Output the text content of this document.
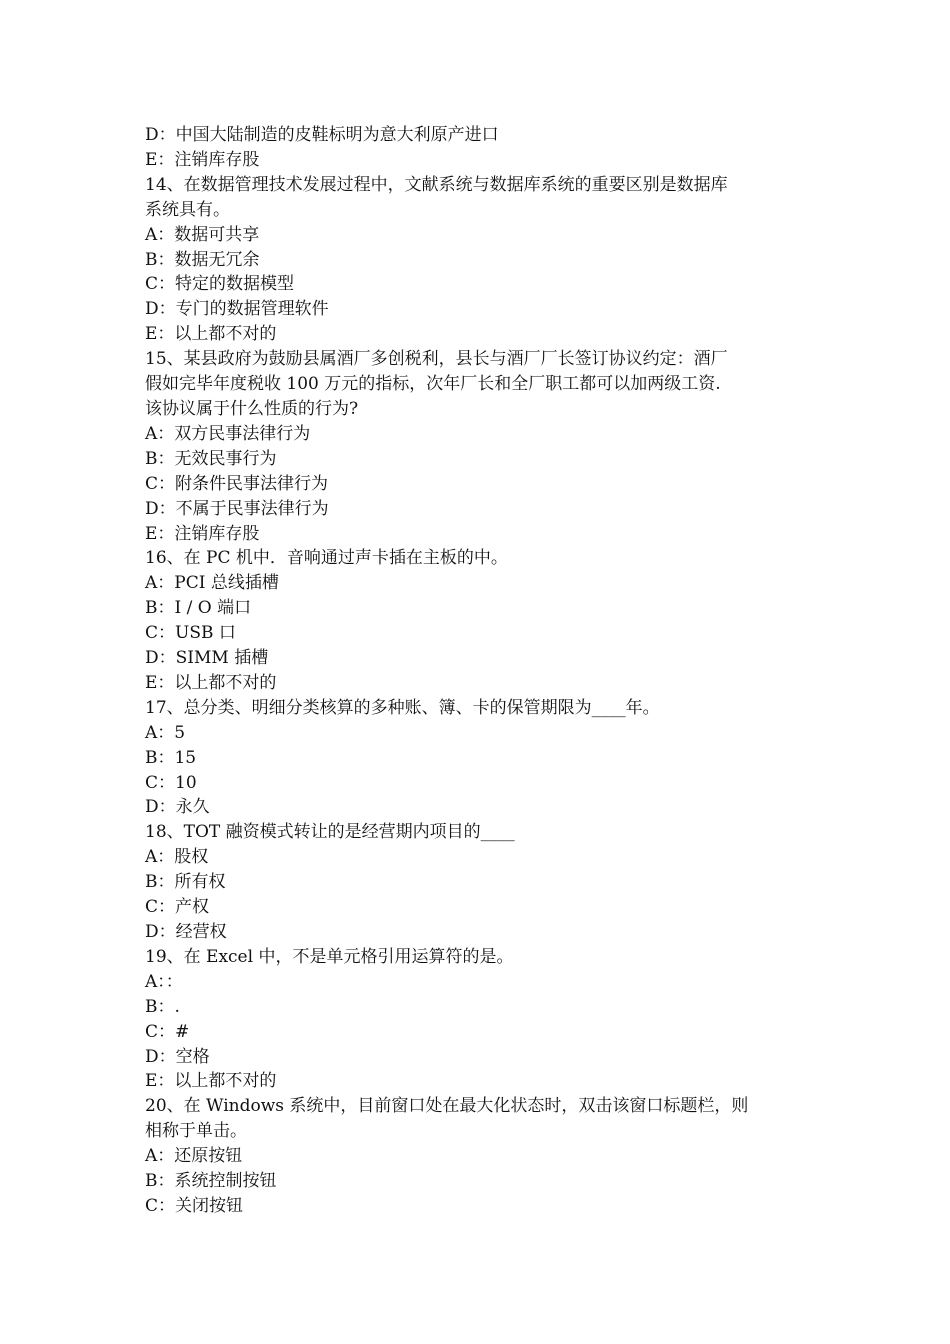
D：中国大陆制造的皮鞋标明为意大利原产进口

E：注销库存股

14、在数据管理技术发展过程中，文献系统与数据库系统的重要区别是数据库

系统具有。

A：数据可共享

B：数据无冗余

C：特定的数据模型

D：专门的数据管理软件

E：以上都不对的

15、某县政府为鼓励县属酒厂多创税利，县长与酒厂厂长签订协议约定：酒厂

假如完毕年度税收 100 万元的指标，次年厂长和全厂职工都可以加两级工资.

该协议属于什么性质的行为?

A：双方民事法律行为

B：无效民事行为

C：附条件民事法律行为

D：不属于民事法律行为

E：注销库存股

16、在 PC 机中．音响通过声卡插在主板的中。

A：PCI 总线插槽

B：I / O 端口

C：USB 口

D：SIMM 插槽

E：以上都不对的

17、总分类、明细分类核算的多种账、簿、卡的保管期限为____年。

A：5

B：15

C：10

D：永久

18、TOT 融资模式转让的是经营期内项目的____

A：股权

B：所有权

C：产权

D：经营权

19、在 Excel 中，不是单元格引用运算符的是。

A：：

B：.

C：#

D：空格

E：以上都不对的

20、在 Windows 系统中，目前窗口处在最大化状态时，双击该窗口标题栏，则

相称于单击。

A：还原按钮

B：系统控制按钮

C：关闭按钮
